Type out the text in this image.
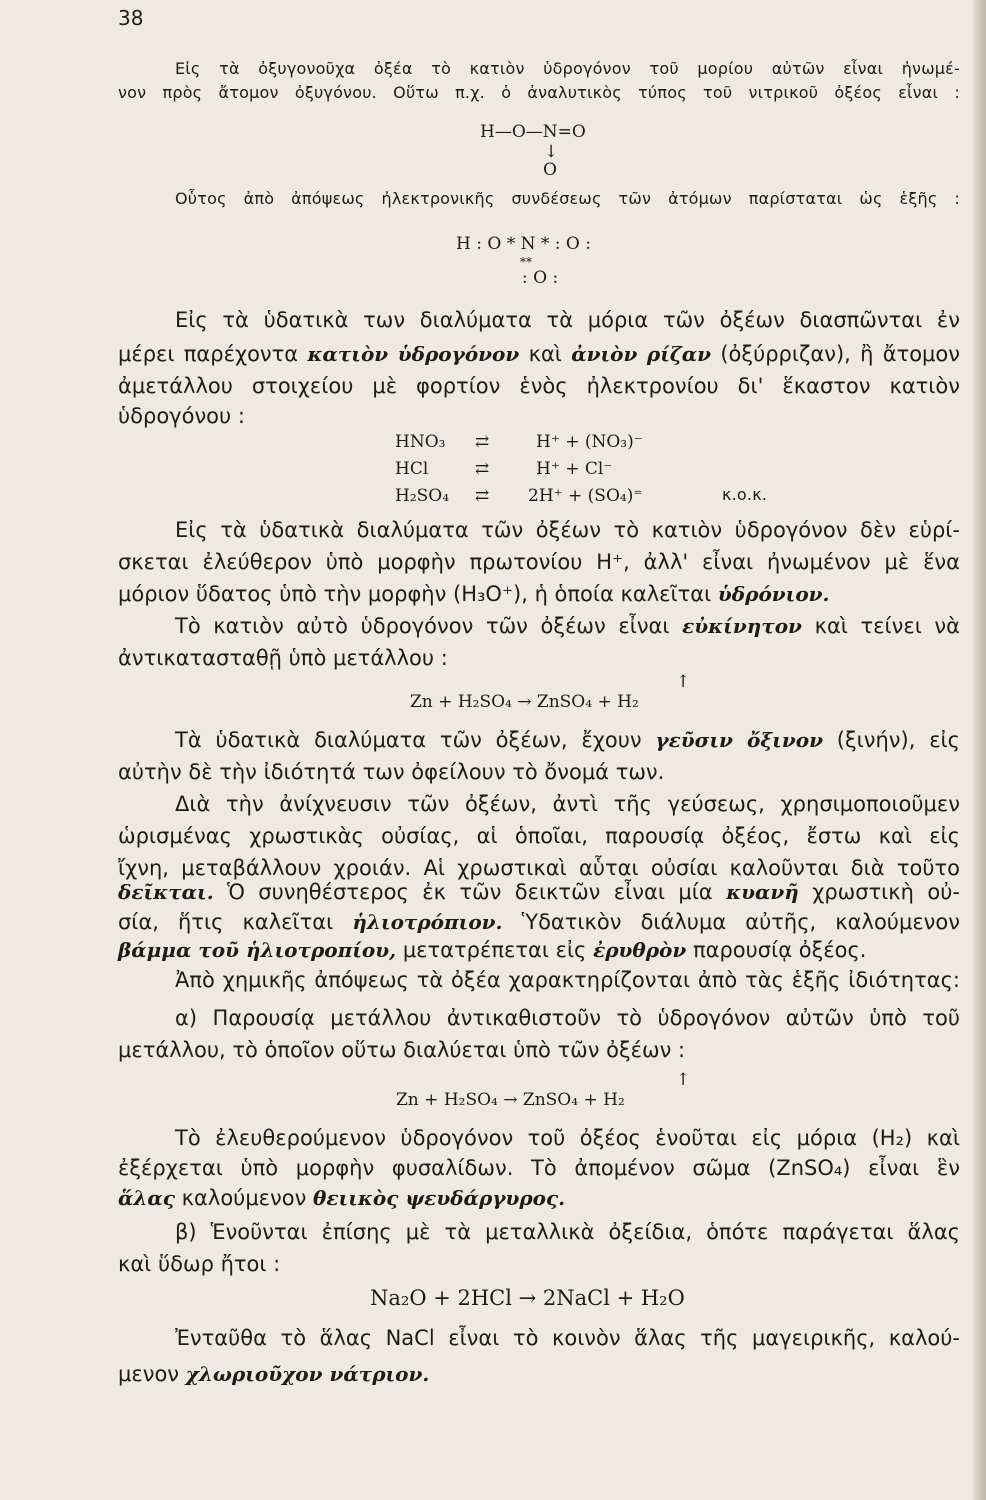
38
Εἰς τὰ ὀξυγονοῦχα ὀξέα τὸ κατιὸν ὑδρογόνον τοῦ μορίου αὐτῶν εἶναι ἠνωμέ-
νον πρὸς ἄτομον ὀξυγόνου. Οὕτω π.χ. ὁ ἀναλυτικὸς τύπος τοῦ νιτρικοῦ ὀξέος εἶναι :
H—O—N=O
↓
O
Οὗτος ἀπὸ ἀπόψεως ἠλεκτρονικῆς συνδέσεως τῶν ἀτόμων παρίσταται ὡς ἑξῆς :
H : O * N * : O :
**
: O :
Εἰς τὰ ὑδατικὰ των διαλύματα τὰ μόρια τῶν ὀξέων διασπῶνται ἐν
μέρει παρέχοντα κατιὸν ὑδρογόνον καὶ ἀνιὸν ρίζαν (ὀξύρριζαν), ἢ ἄτομον
ἀμετάλλου στοιχείου μὲ φορτίον ἑνὸς ἠλεκτρονίου δι' ἕκαστον κατιὸν
ὑδρογόνου :
HNO₃ ⇄	H⁺ + (NO₃)⁻
HCl	⇄	H⁺ + Cl⁻
H₂SO₄ ⇄ 2H⁺ + (SO₄)⁼	κ.ο.κ.
Εἰς τὰ ὑδατικὰ διαλύματα τῶν ὀξέων τὸ κατιὸν ὑδρογόνον δὲν εὑρί-
σκεται ἐλεύθερον ὑπὸ μορφὴν πρωτονίου H⁺, ἀλλ' εἶναι ἠνωμένον μὲ ἕνα
μόριον ὕδατος ὑπὸ τὴν μορφὴν (H₃O⁺), ἡ ὁποία καλεῖται ὑδρόνιον.
Τὸ κατιὸν αὐτὸ ὑδρογόνον τῶν ὀξέων εἶναι εὐκίνητον καὶ τείνει νὰ
ἀντικατασταθῇ ὑπὸ μετάλλου :
↑
Zn + H₂SO₄ → ZnSO₄ + H₂
Τὰ ὑδατικὰ διαλύματα τῶν ὀξέων, ἔχουν γεῦσιν ὄξινον (ξινήν), εἰς
αὐτὴν δὲ τὴν ἰδιότητά των ὀφείλουν τὸ ὄνομά των.
Διὰ τὴν ἀνίχνευσιν τῶν ὀξέων, ἀντὶ τῆς γεύσεως, χρησιμοποιοῦμεν
ὡρισμένας χρωστικὰς οὐσίας, αἱ ὁποῖαι, παρουσίᾳ ὀξέος, ἔστω καὶ εἰς
ἴχνη, μεταβάλλουν χροιάν. Αἱ χρωστικαὶ αὗται οὐσίαι καλοῦνται διὰ τοῦτο
δεῖκται. Ὁ συνηθέστερος ἐκ τῶν δεικτῶν εἶναι μία κυανῆ χρωστικὴ οὐ-
σία, ἥτις καλεῖται ἡλιοτρόπιον. Ὑδατικὸν διάλυμα αὐτῆς, καλούμενον
βάμμα τοῦ ἡλιοτροπίου, μετατρέπεται εἰς ἐρυθρὸν παρουσίᾳ ὀξέος.
Ἀπὸ χημικῆς ἀπόψεως τὰ ὀξέα χαρακτηρίζονται ἀπὸ τὰς ἑξῆς ἰδιότητας:
α) Παρουσίᾳ μετάλλου ἀντικαθιστοῦν τὸ ὑδρογόνον αὐτῶν ὑπὸ τοῦ
μετάλλου, τὸ ὁποῖον οὕτω διαλύεται ὑπὸ τῶν ὀξέων :
↑
Zn + H₂SO₄ → ZnSO₄ + H₂
Τὸ ἐλευθερούμενον ὑδρογόνον τοῦ ὀξέος ἑνοῦται εἰς μόρια (H₂) καὶ
ἐξέρχεται ὑπὸ μορφὴν φυσαλίδων. Τὸ ἀπομένον σῶμα (ZnSO₄) εἶναι ἓν
ἅλας καλούμενον θειικὸς ψευδάργυρος.
β) Ἑνοῦνται ἐπίσης μὲ τὰ μεταλλικὰ ὀξείδια, ὁπότε παράγεται ἅλας
καὶ ὕδωρ ἤτοι :
Na₂O + 2HCl → 2NaCl + H₂O
Ἐνταῦθα τὸ ἅλας NaCl εἶναι τὸ κοινὸν ἅλας τῆς μαγειρικῆς, καλού-
μενον χλωριοῦχον νάτριον.
